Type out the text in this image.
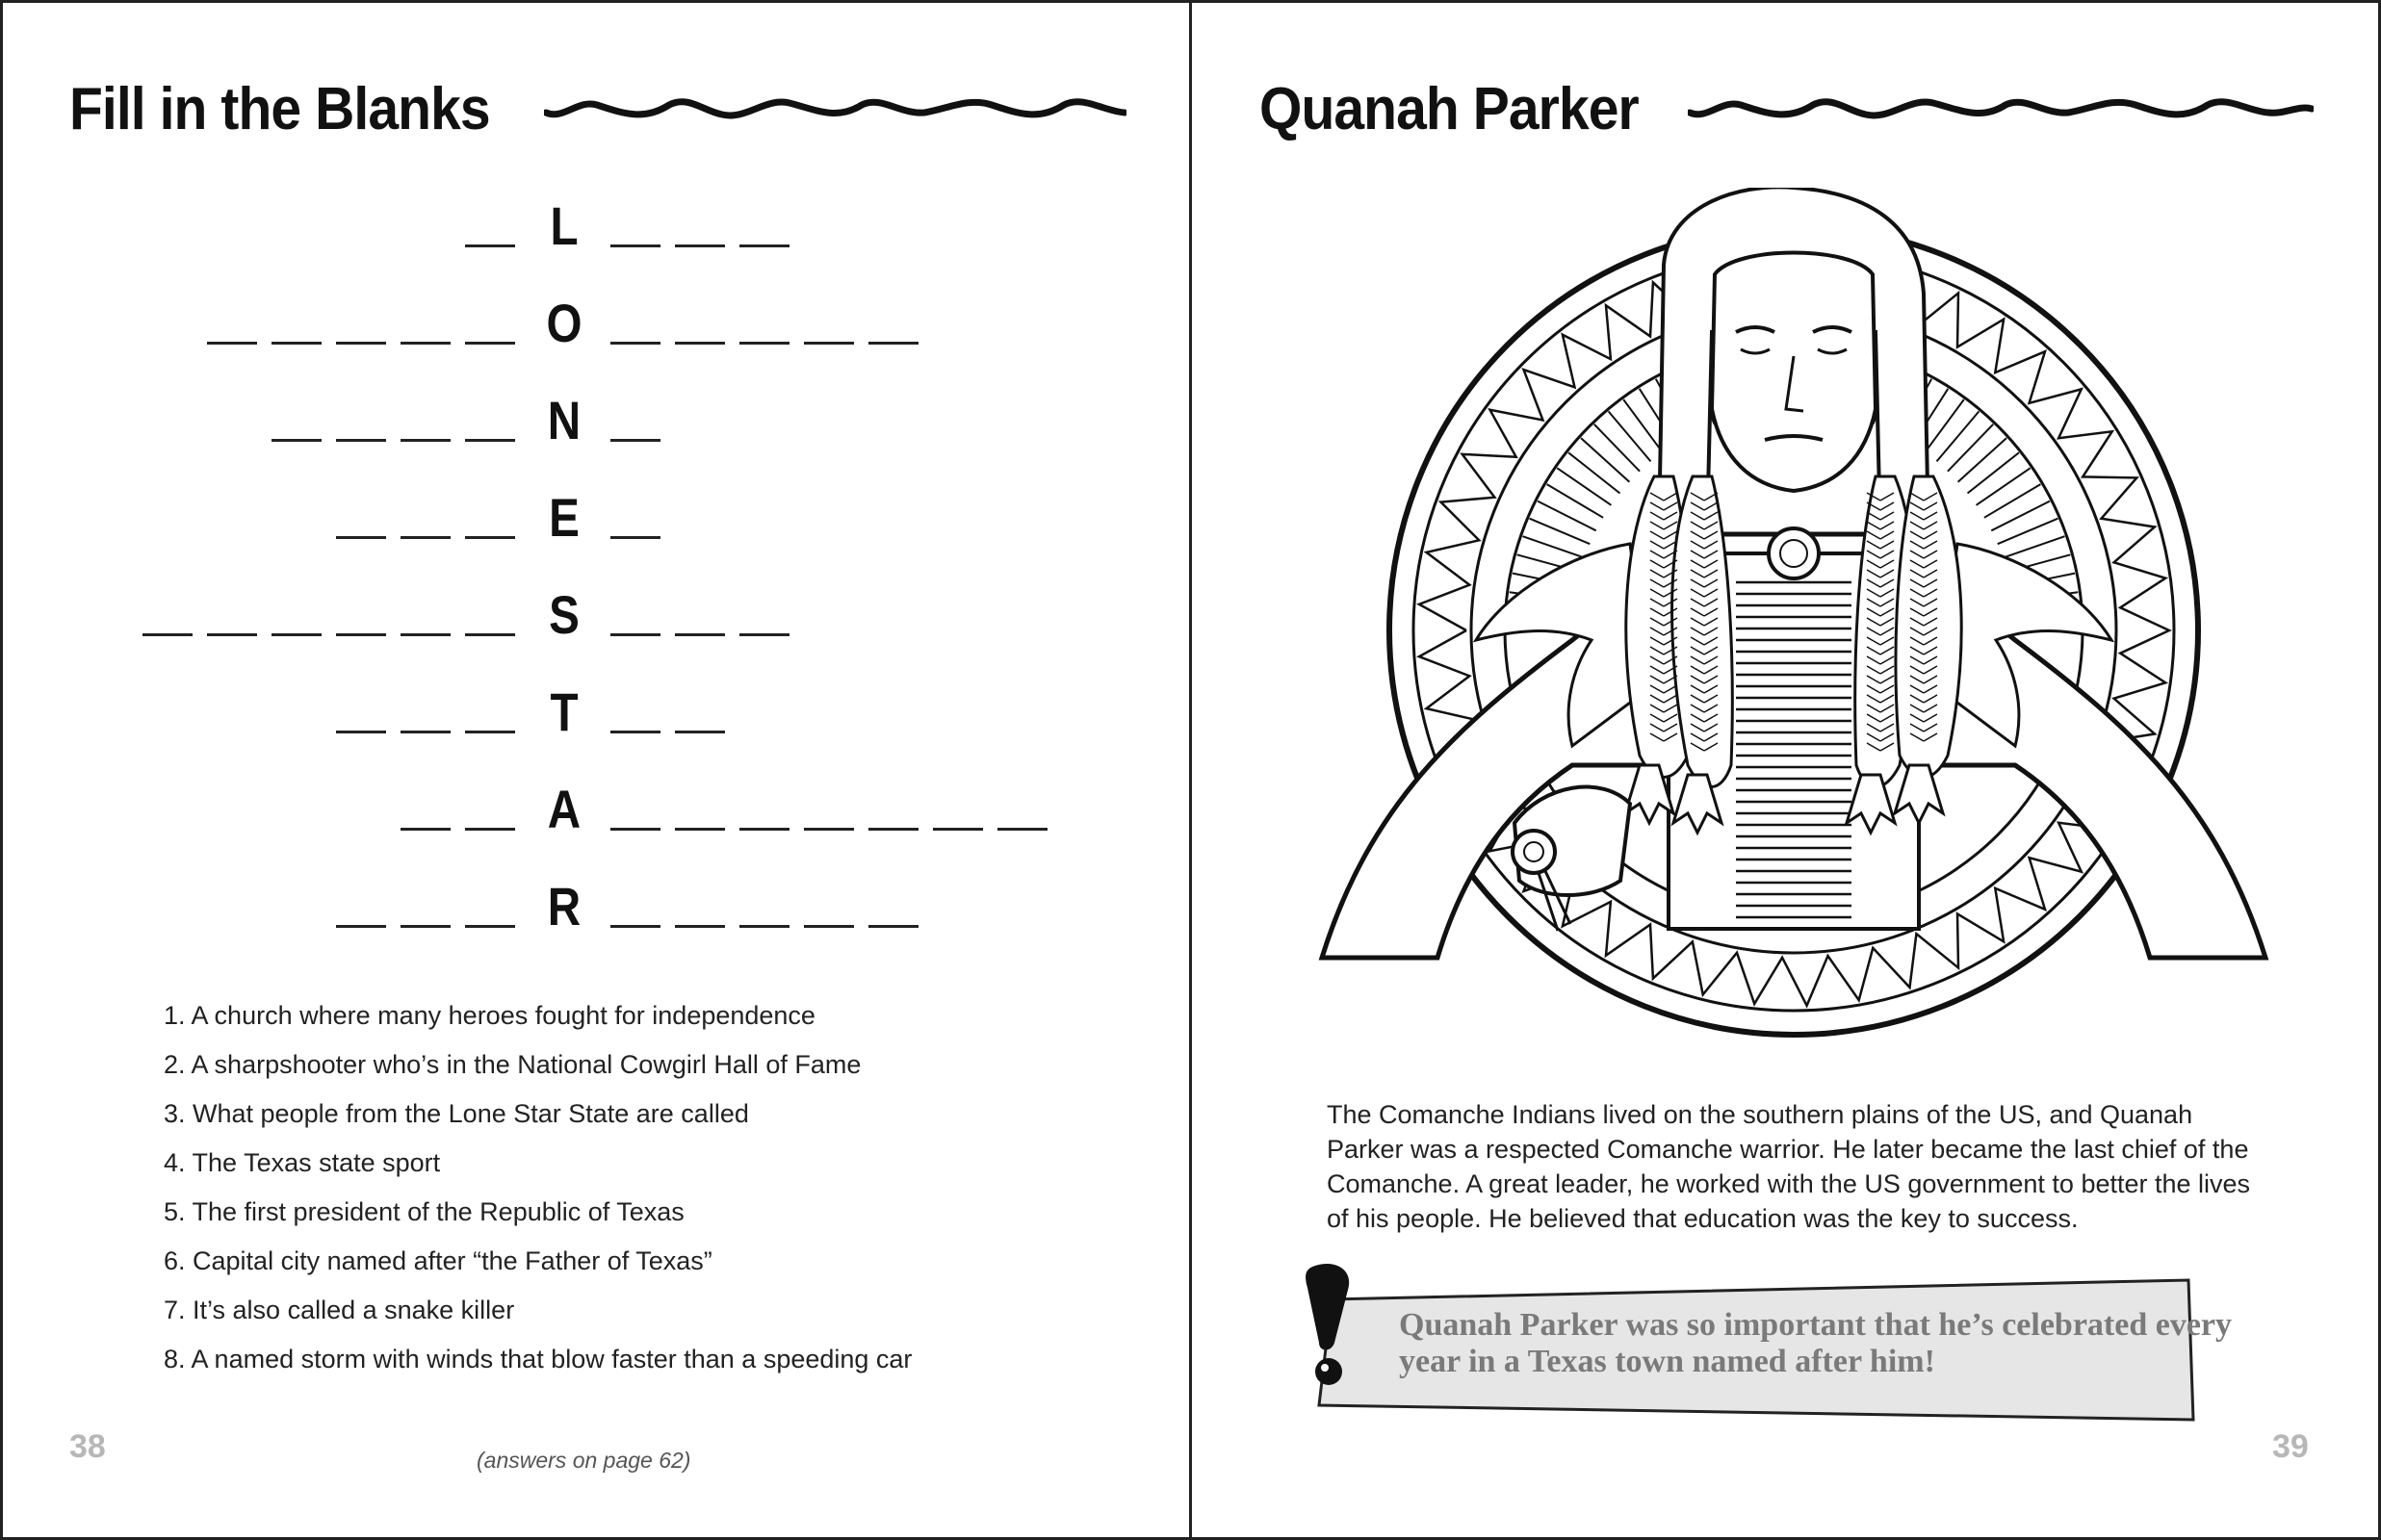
Fill in the Blanks
L
O
N
E
S
T
A
R
1. A church where many heroes fought for independence
2. A sharpshooter who’s in the National Cowgirl Hall of Fame
3. What people from the Lone Star State are called
4. The Texas state sport
5. The first president of the Republic of Texas
6. Capital city named after “the Father of Texas”
7. It’s also called a snake killer
8. A named storm with winds that blow faster than a speeding car
38	(answers on page 62)
Quanah Parker

The Comanche Indians lived on the southern plains of the US, and Quanah Parker was a respected Comanche warrior. He later became the last chief of the Comanche. A great leader, he worked with the US government to better the lives of his people. He believed that education was the key to success.

Quanah Parker was so important that he’s celebrated every year in a Texas town named after him!

39
